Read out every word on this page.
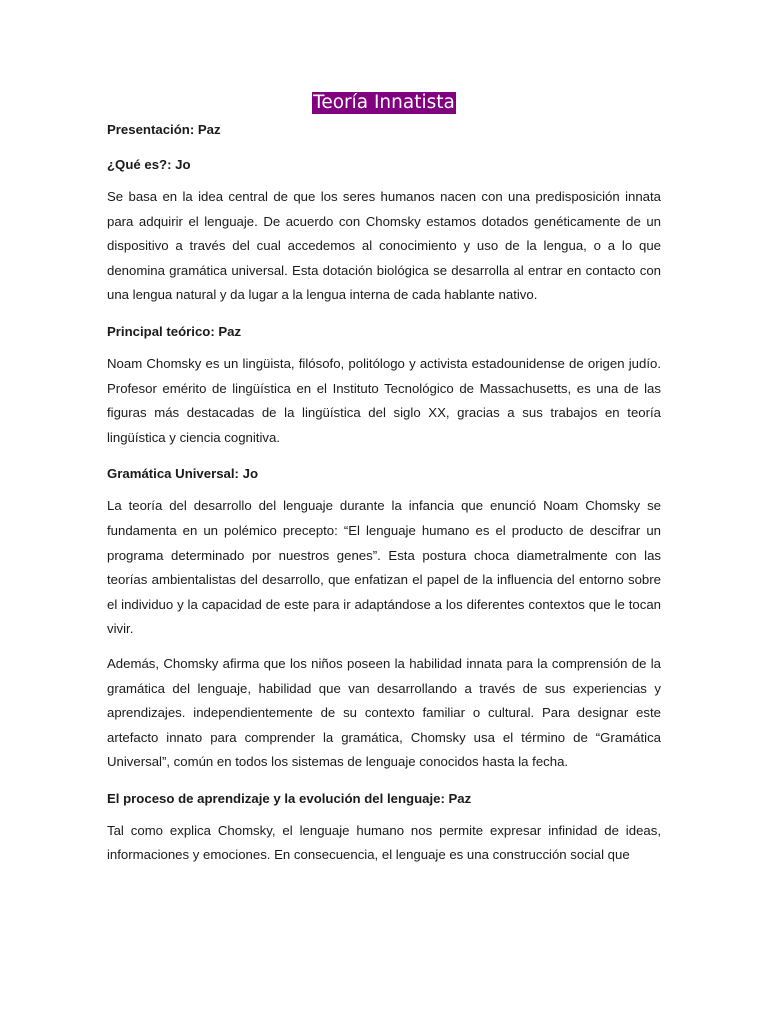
Teoría Innatista

Presentación: Paz

¿Qué es?: Jo

Se basa en la idea central de que los seres humanos nacen con una predisposición innata para adquirir el lenguaje. De acuerdo con Chomsky estamos dotados genéticamente de un dispositivo a través del cual accedemos al conocimiento y uso de la lengua, o a lo que denomina gramática universal. Esta dotación biológica se desarrolla al entrar en contacto con una lengua natural y da lugar a la lengua interna de cada hablante nativo.

Principal teórico: Paz

Noam Chomsky es un lingüista, filósofo, politólogo y activista estadounidense de origen judío. Profesor emérito de lingüística en el Instituto Tecnológico de Massachusetts, es una de las figuras más destacadas de la lingüística del siglo XX, gracias a sus trabajos en teoría lingüística y ciencia cognitiva.

Gramática Universal: Jo

La teoría del desarrollo del lenguaje durante la infancia que enunció Noam Chomsky se fundamenta en un polémico precepto: “El lenguaje humano es el producto de descifrar un programa determinado por nuestros genes”. Esta postura choca diametralmente con las teorías ambientalistas del desarrollo, que enfatizan el papel de la influencia del entorno sobre el individuo y la capacidad de este para ir adaptándose a los diferentes contextos que le tocan vivir.

Además, Chomsky afirma que los niños poseen la habilidad innata para la comprensión de la gramática del lenguaje, habilidad que van desarrollando a través de sus experiencias y aprendizajes. independientemente de su contexto familiar o cultural. Para designar este artefacto innato para comprender la gramática, Chomsky usa el término de “Gramática Universal”, común en todos los sistemas de lenguaje conocidos hasta la fecha.

El proceso de aprendizaje y la evolución del lenguaje: Paz

Tal como explica Chomsky, el lenguaje humano nos permite expresar infinidad de ideas, informaciones y emociones. En consecuencia, el lenguaje es una construcción social que
